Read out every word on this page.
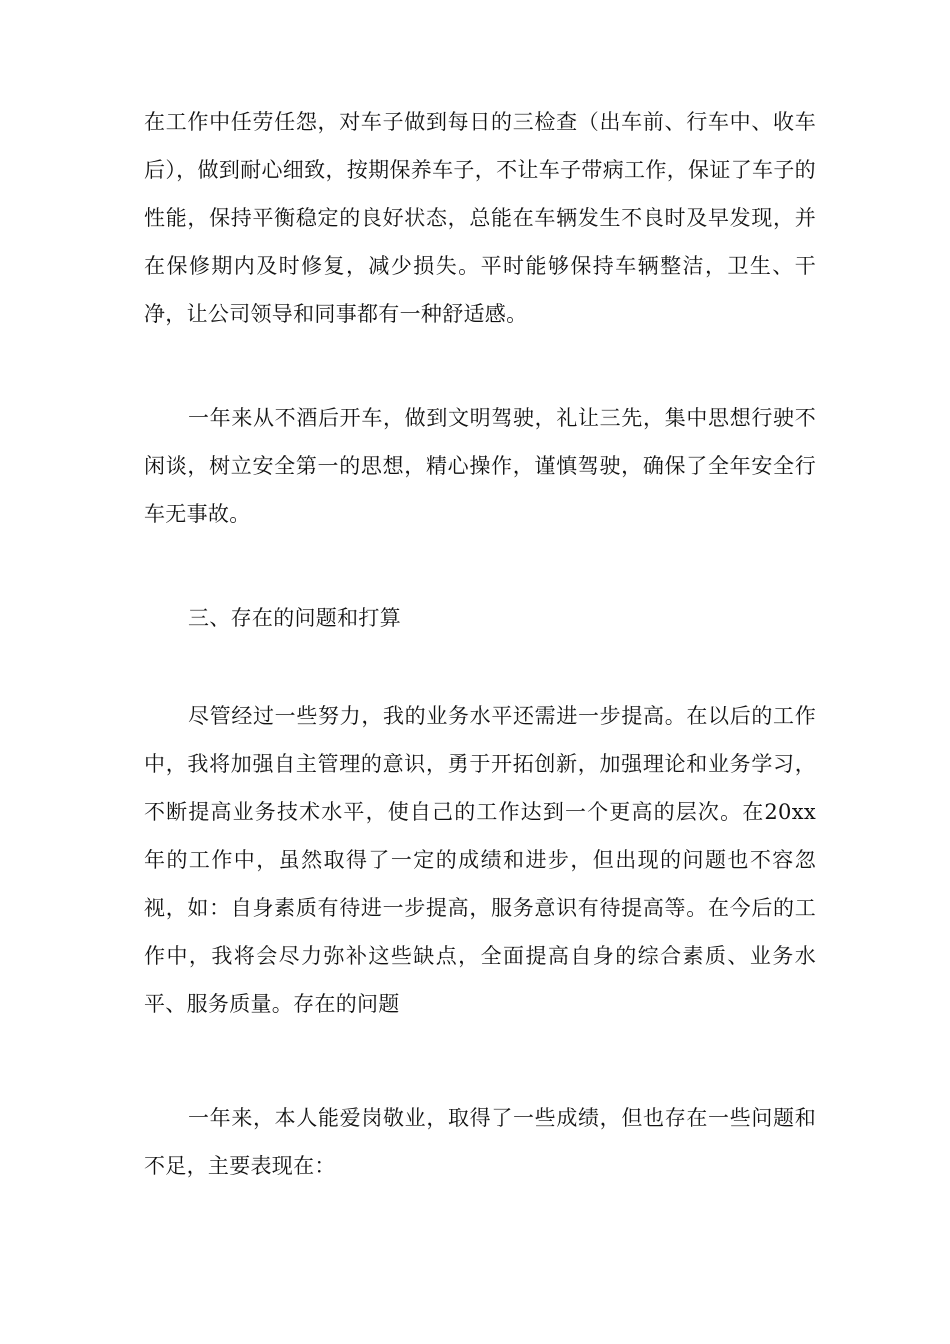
在工作中任劳任怨，对车子做到每日的三检查（出车前、行车中、收车后），做到耐心细致，按期保养车子，不让车子带病工作，保证了车子的性能，保持平衡稳定的良好状态，总能在车辆发生不良时及早发现，并在保修期内及时修复，减少损失。平时能够保持车辆整洁，卫生、干净，让公司领导和同事都有一种舒适感。

一年来从不酒后开车，做到文明驾驶，礼让三先，集中思想行驶不闲谈，树立安全第一的思想，精心操作，谨慎驾驶，确保了全年安全行车无事故。

三、存在的问题和打算

尽管经过一些努力，我的业务水平还需进一步提高。在以后的工作中，我将加强自主管理的意识，勇于开拓创新，加强理论和业务学习，不断提高业务技术水平，使自己的工作达到一个更高的层次。在20xx 年的工作中，虽然取得了一定的成绩和进步，但出现的问题也不容忽视，如：自身素质有待进一步提高，服务意识有待提高等。在今后的工作中，我将会尽力弥补这些缺点，全面提高自身的综合素质、业务水平、服务质量。存在的问题

一年来，本人能爱岗敬业，取得了一些成绩，但也存在一些问题和不足，主要表现在：
